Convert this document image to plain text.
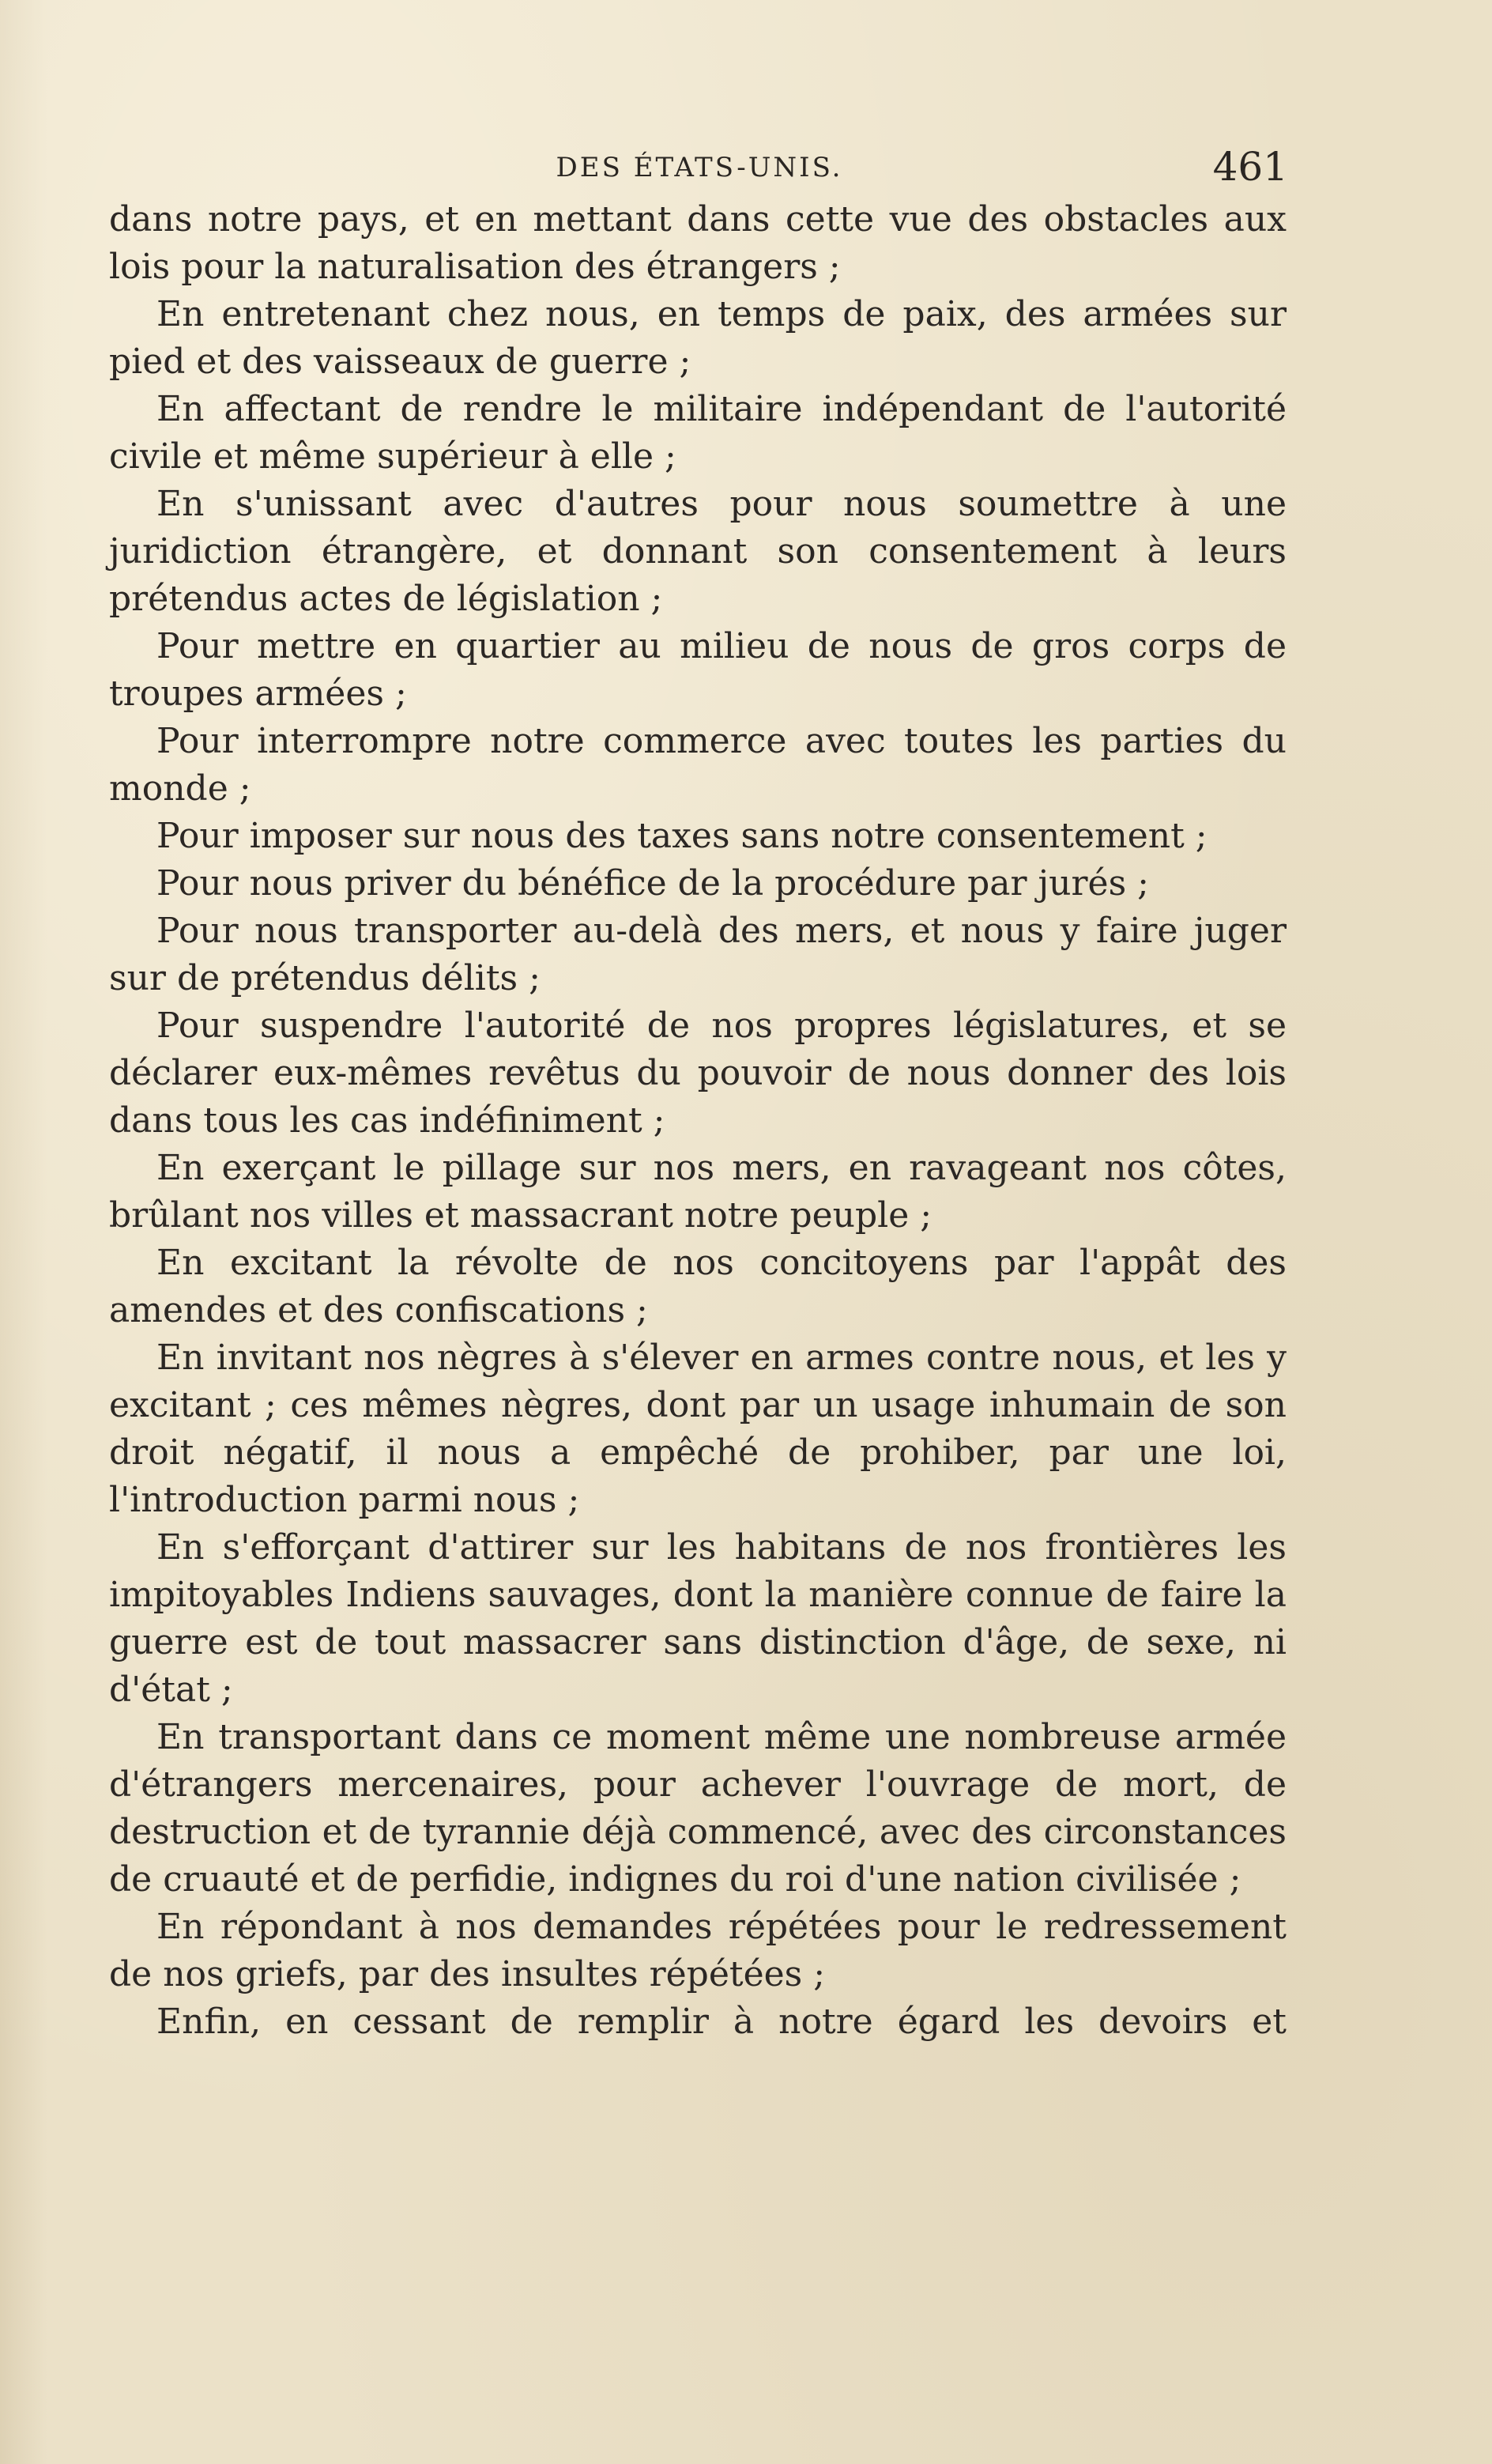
DES ÉTATS-UNIS.	461

dans notre pays, et en mettant dans cette vue des obstacles aux lois pour la naturalisation des étrangers ;

En entretenant chez nous, en temps de paix, des armées sur pied et des vaisseaux de guerre ;

En affectant de rendre le militaire indépendant de l'autorité civile et même supérieur à elle ;

En s'unissant avec d'autres pour nous soumettre à une juridiction étrangère, et donnant son consentement à leurs prétendus actes de législation ;

Pour mettre en quartier au milieu de nous de gros corps de troupes armées ;

Pour interrompre notre commerce avec toutes les parties du monde ;

Pour imposer sur nous des taxes sans notre consentement ;

Pour nous priver du bénéfice de la procédure par jurés ;

Pour nous transporter au-delà des mers, et nous y faire juger sur de prétendus délits ;

Pour suspendre l'autorité de nos propres législatures, et se déclarer eux-mêmes revêtus du pouvoir de nous donner des lois dans tous les cas indéfiniment ;

En exerçant le pillage sur nos mers, en ravageant nos côtes, brûlant nos villes et massacrant notre peuple ;

En excitant la révolte de nos concitoyens par l'appât des amendes et des confiscations ;

En invitant nos nègres à s'élever en armes contre nous, et les y excitant ; ces mêmes nègres, dont par un usage inhumain de son droit négatif, il nous a empêché de prohiber, par une loi, l'introduction parmi nous ;

En s'efforçant d'attirer sur les habitans de nos frontières les impitoyables Indiens sauvages, dont la manière connue de faire la guerre est de tout massacrer sans distinction d'âge, de sexe, ni d'état ;

En transportant dans ce moment même une nombreuse armée d'étrangers mercenaires, pour achever l'ouvrage de mort, de destruction et de tyrannie déjà commencé, avec des circonstances de cruauté et de perfidie, indignes du roi d'une nation civilisée ;

En répondant à nos demandes répétées pour le redressement de nos griefs, par des insultes répétées ;

Enfin, en cessant de remplir à notre égard les devoirs et
